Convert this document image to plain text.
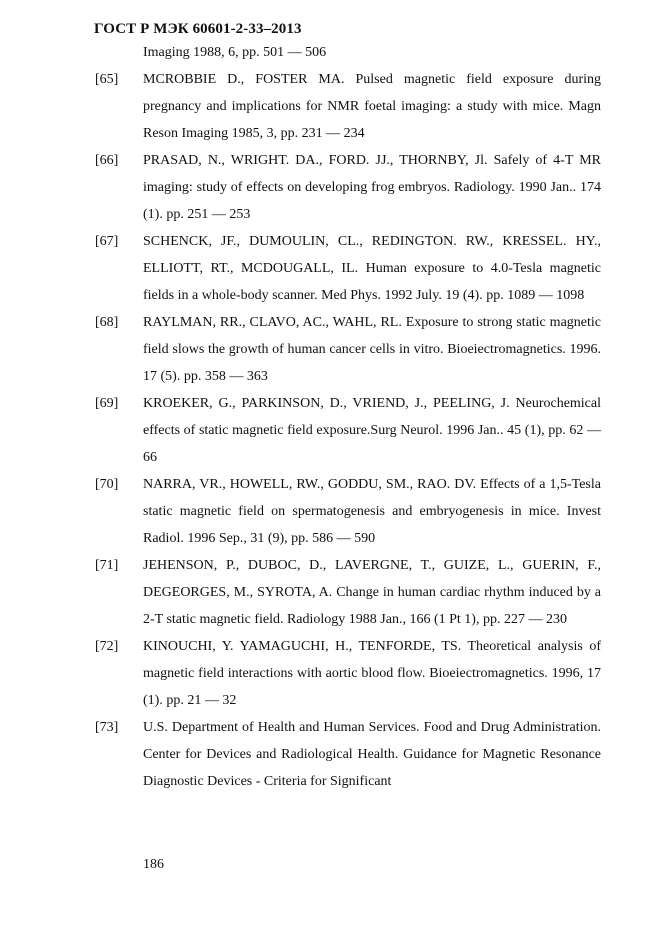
ГОСТ Р МЭК 60601-2-33–2013
Imaging 1988, 6, pp. 501 — 506
[65]	MCROBBIE D., FOSTER MA. Pulsed magnetic field exposure during pregnancy and implications for NMR foetal imaging: a study with mice. Magn Reson Imaging 1985, 3, pp. 231 — 234
[66]	PRASAD, N., WRIGHT. DA., FORD. JJ., THORNBY, Jl. Safely of 4-T MR imaging: study of effects on developing frog embryos. Radiology. 1990 Jan.. 174 (1). pp. 251 — 253
[67]	SCHENCK, JF., DUMOULIN, CL., REDINGTON. RW., KRESSEL. HY., ELLIOTT, RT., MCDOUGALL, IL. Human exposure to 4.0-Tesla magnetic fields in a whole-body scanner. Med Phys. 1992 July. 19 (4). pp. 1089 — 1098
[68]	RAYLMAN, RR., CLAVO, AC., WAHL, RL. Exposure to strong static magnetic field slows the growth of human cancer cells in vitro. Bioeiectromagnetics. 1996. 17 (5). pp. 358 — 363
[69]	KROEKER, G., PARKINSON, D., VRIEND, J., PEELING, J. Neurochemical effects of static magnetic field exposure.Surg Neurol. 1996 Jan.. 45 (1), pp. 62 — 66
[70]	NARRA, VR., HOWELL, RW., GODDU, SM., RAO. DV. Effects of a 1,5-Tesla static magnetic field on spermatogenesis and embryogenesis in mice. Invest Radiol. 1996 Sep., 31 (9), pp. 586 — 590
[71]	JEHENSON, P., DUBOC, D., LAVERGNE, T., GUIZE, L., GUERIN, F., DEGEORGES, M., SYROTA, A. Change in human cardiac rhythm induced by a 2-T static magnetic field. Radiology 1988 Jan., 166 (1 Pt 1), pp. 227 — 230
[72]	KINOUCHI, Y. YAMAGUCHI, H., TENFORDE, TS. Theoretical analysis of magnetic field interactions with aortic blood flow. Bioeiectromagnetics. 1996, 17 (1). pp. 21 — 32
[73]	U.S. Department of Health and Human Services. Food and Drug Administration. Center for Devices and Radiological Health. Guidance for Magnetic Resonance Diagnostic Devices - Criteria for Significant
186
